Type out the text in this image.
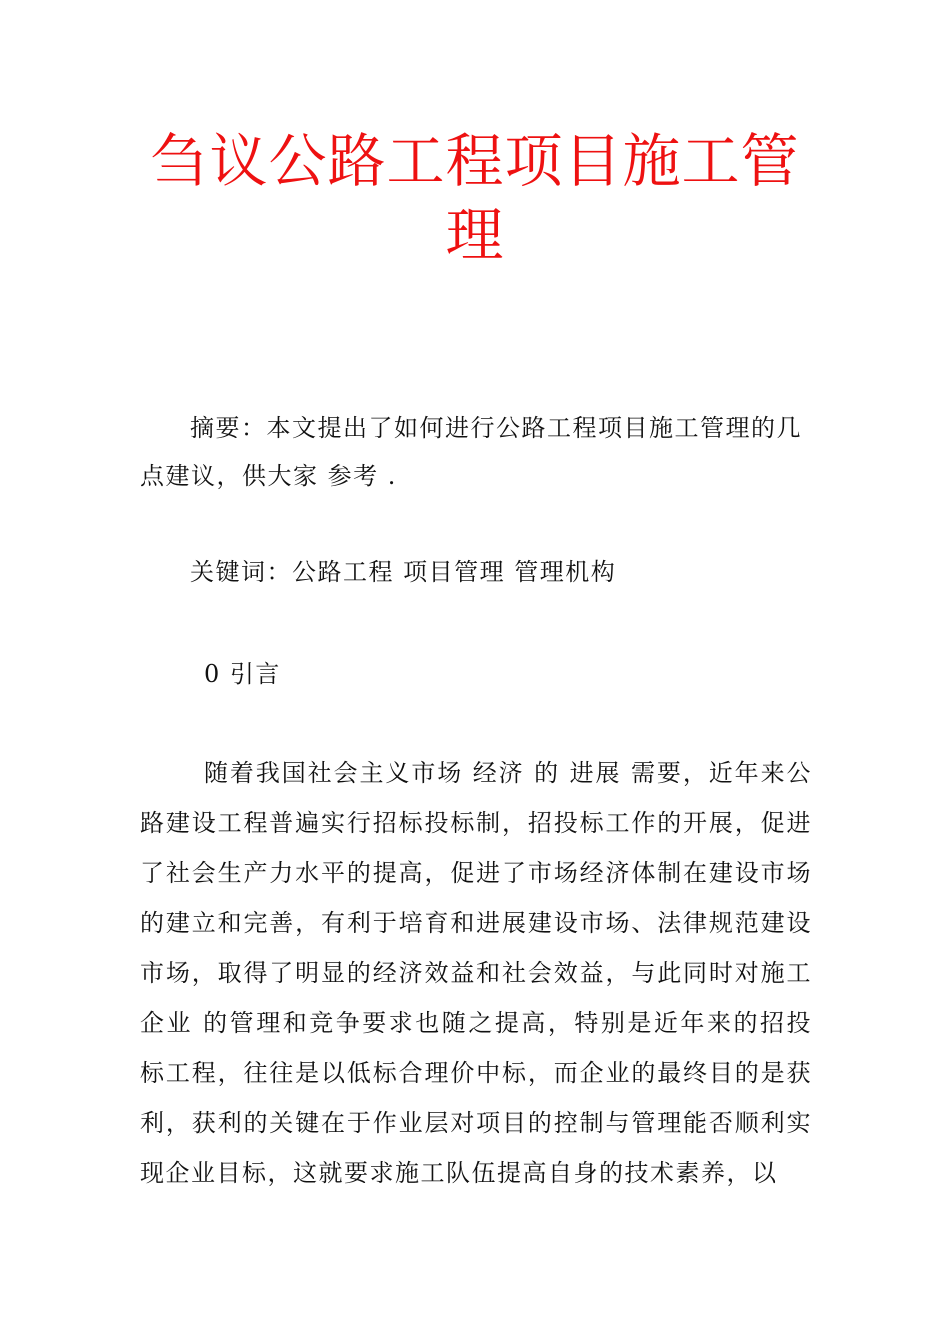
刍议公路工程项目施工管理

摘要：本文提出了如何进行公路工程项目施工管理的几点建议，供大家 参考 .

关键词：公路工程 项目管理 管理机构

0 引言

随着我国社会主义市场 经济 的 进展 需要，近年来公路建设工程普遍实行招标投标制，招投标工作的开展，促进了社会生产力水平的提高，促进了市场经济体制在建设市场的建立和完善，有利于培育和进展建设市场、法律规范建设市场，取得了明显的经济效益和社会效益，与此同时对施工 企业 的管理和竞争要求也随之提高，特别是近年来的招投标工程，往往是以低标合理价中标，而企业的最终目的是获利，获利的关键在于作业层对项目的控制与管理能否顺利实现企业目标，这就要求施工队伍提高自身的技术素养，以
